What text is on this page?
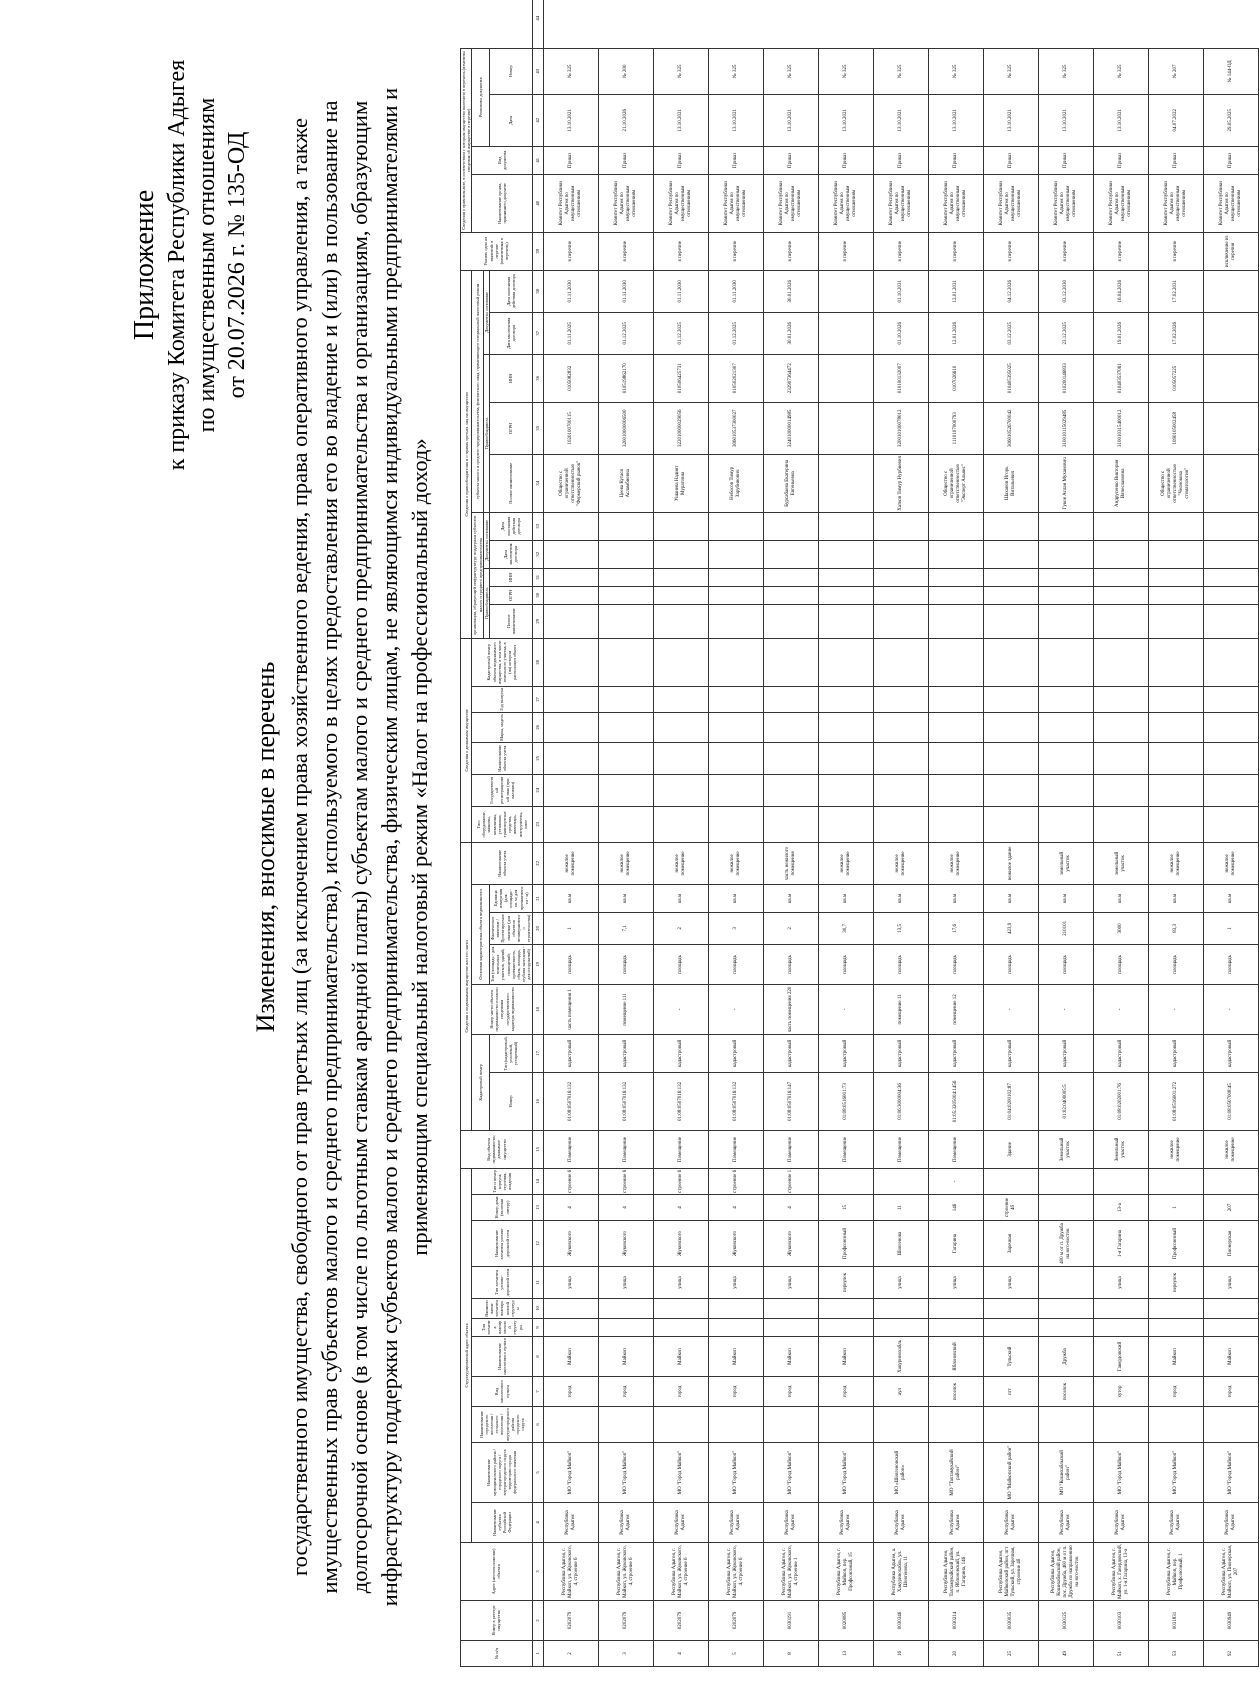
Приложение к приказу Комитета Республики Адыгея по имущественным отношениям от 20.07.2026 г. № 135-ОД
Изменения, вносимые в перечень государственного имущества, свободного от прав третьих лиц (за исключением права хозяйственного ведения, права оперативного управления, а также имущественных прав субъектов малого и среднего предпринимательства), используемого в целях предоставления его во владение и (или) в пользование на долгосрочной основе (в том числе по льготным ставкам арендной платы) субъектам малого и среднего предпринимательства и организациям, образующим инфраструктуру поддержки субъектов малого и среднего предпринимательства, физическим лицам, не являющимся индивидуальными предпринимателями и применяющим специальный налоговый режим «Налог на профессиональный доход»
№ п/п	Номер в реестре имущества	Адрес (местоположение) объекта	Структурированный адрес объекта											Вид объекта недвижимости; движимое имущество	Сведения о недвижимом имуществе или его части							Сведения о движимом имуществе						Сведения о правообладателях и о правах третьих лиц на имущество										Указать одно из значений: в перечне (изменениях в перечень)	Сведения о правовом акте, в соответствии с которым имущество включено в перечень (изменены сведения об имуществе в перечне)				
			Наименование субъекта Российской Федерации	Наименование муниципального района / городского округа / внутригородского округа территории города федерального значения	Наименование городского поселения / сельского поселения / внутригородского района городского округа	Вид населенного пункта	Наименование населенного пункта	Тип элемента планировочной структуры	Наименование элемента планировочной структуры	Тип элемента улично-дорожной сети	Наименование элемента улично-дорожной сети	Номер дома (включая литеру)	Тип и номер корпуса, строения, владения		Кадастровый номер		Номер части объекта недвижимости согласно сведениям государственного кадастра недвижимости	Основная характеристика объекта недвижимости			Наименование объекта учета	Тип: оборудование, машины, механизмы, установки, транспортные средства, инвентарь, инструменты, иное	Государственный регистрационный знак (при наличии)	Наименование объекта учета	Марка, модель	Год выпуска	Кадастровый номер объекта недвижимого имущества, в том числе земельного участка, в (на) котором расположен объект	организации, образующей инфраструктуру поддержки субъектов малого и среднего предпринимательства					субъекта малого и среднего предпринимательства, физического лица, применяющего специальный налоговый режим						Наименование органа, принявшего документ	Вид документа	Реквизиты документа		
																												Правообладатель			Документы основание		Правообладатель			Документы основание							
															Номер	Тип (кадастровый, условный, устаревший)		Тип (площадь - для земельных участков, зданий, помещений; протяженность, объем, площадь, глубина залегания - для сооружений)	Фактическое значение / Проектируемое значение (для объектов незавершенного строительства)	Единица измерения (для площади - кв. м; для протяженности - м)								Полное наименование	ОГРН	ИНН	Дата заключения договора	Дата окончания действия договора	Полное наименование	ОГРН	ИНН	Дата заключения договора	Дата окончания действия договора				Дата	Номер	
1	2	3	4	5	6	7	8	9	10	11	12	13	14	15	16	17	18	19	20	21	22	23	24	25	26	27	28	29	30	31	32	33	34	35	36	37	38	39	40	41	42	43	44
2	0202079	Республика Адыгея, г. Майкоп, ул. Жуковского, 4, строение 6	Республика Адыгея	МО "Город Майкоп"		город	Майкоп			улица	Жуковского	4	строение 6	Помещение	01:08:0507016:132	кадастровый	часть помещения 1	площадь	1	кв.м	нежилое помещение												Общество с ограниченной ответственностью "Фермерский рынок"	1020100700115	0105082832	01.11.2025	01.11.2030	в перечне	Комитет Республики Адыгея по имущественным отношениям	Приказ	13.10.2021	№ 325	
3	0202079	Республика Адыгея, г. Майкоп, ул. Жуковского, 4, строение 6	Республика Адыгея	МО "Город Майкоп"		город	Майкоп			улица	Жуковского	4	строение 6	Помещение	01:08:0507016:132	кадастровый	помещение 111	площадь	7,1	кв.м	нежилое помещение												Цеева Кутася Асламбиевна	320010000006500	010519862170	01.12.2025	01.11.2030	в перечне	Комитет Республики Адыгея по имущественным отношениям	Приказ	21.10.2026	№ 200	
4	0202079	Республика Адыгея, г. Майкоп, ул. Жуковского, 4, строение 6	Республика Адыгея	МО "Город Майкоп"		город	Майкоп			улица	Жуковского	4	строение 6	Помещение	01:08:0507016:132	кадастровый	-	площадь	2	кв.м	нежилое помещение												Ушанева Надият Муратовна	322010000029056	010506425731	01.12.2025	01.11.2030	в перечне	Комитет Республики Адыгея по имущественным отношениям	Приказ	13.10.2021	№ 325	
5	0202079	Республика Адыгея, г. Майкоп, ул. Жуковского, 4, строение 6	Республика Адыгея	МО "Город Майкоп"		город	Майкоп			улица	Жуковского	4	строение 6	Помещение	01:08:0507016:132	кадастровый	-	площадь	3	кв.м	нежилое помещение												Небосов Тимур Зарубинович	306010537300027	010502021307	01.12.2025	01.11.2030	в перечне	Комитет Республики Адыгея по имущественным отношениям	Приказ	13.10.2021	№ 325	
8	0030191	Республика Адыгея, г. Майкоп, ул. Жуковского, 4, строение 1	Республика Адыгея	МО "Город Майкоп"		город	Майкоп			улица	Жуковского	4	строение 1	Помещение	01:08:0507016:147	кадастровый	часть помещения 220	площадь	2	кв.м	часть нежилого помещения												Бурсабаева Екатерина Евгеньевна	324010000014985	232907364472	30.01.2026	30.01.2026	в перечне	Комитет Республики Адыгея по имущественным отношениям	Приказ	13.10.2021	№ 325	
13	0020085	Республика Адыгея, г. Майкоп, пер. Профсоюзный, 15	Республика Адыгея	МО "Город Майкоп"		город	Майкоп			переулок	Профсоюзный	15		Помещение	01:08:0516001:73	кадастровый	-	площадь	30,7	кв.м	нежилое помещение																	в перечне	Комитет Республики Адыгея по имущественным отношениям	Приказ	13.10.2021	№ 325	
16	0030346	Республика Адыгея, а. Хакуринохабль, ул. Шовгенова, 11	Республика Адыгея	МО «Шовгеновский район»		аул	Хакуринохабль			улица	Шовгенова	11		Помещение	01:06:3000004:36	кадастровый	помещение 11	площадь	13,5	кв.м	нежилое помещение												Хатков Тимур Нурбиевич	320010100078012	010100132007	01.10.2026	01.10.2031	в перечне	Комитет Республики Адыгея по имущественным отношениям	Приказ	13.10.2021	№ 325	
20	0030214	Республика Адыгея, Тахтамукайский район, п. Яблоновский, ул. Гагарина, 146	Республика Адыгея	МО "Тахтамукайский район"		поселок	Яблоновский			улица	Гагарина	146	-	Помещение	01:05:3205004:1456	кадастровый	помещение 12	площадь	17,6	кв.м	нежилое помещение												Общество с ограниченной ответственностью "Эксперт Альянс"	1110107000793	0107026610	12.01.2026	12.01.2031	в перечне	Комитет Республики Адыгея по имущественным отношениям	Приказ	13.10.2021	№ 325	
25	0030035	Республика Адыгея, Майкопский район, пгт Тульский, ул. Заречная, строение 4б	Республика Адыгея	МО "Майкопский район"		пгт	Тульский			улица	Заречная	строение 4б		Здание	01:04:0200102:87	кадастровый	-	площадь	423,9	кв.м	нежилое здание												Шаханов Игорь Витальевич	306010526700042	010405395025	03.12.2025	04.12.2026	в перечне	Комитет Республики Адыгея по имущественным отношениям	Приказ	13.10.2021	№ 325	
49	0030125	Республика Адыгея, Кошехабльский район, пос. Дружба, 400 м от п. Дружба по направлению на юго-восток	Республика Адыгея	МО "Кошехабльский район"		поселок	Дружба				400 м от п. Дружба на юго-восток			Земельный участок	01:02:0400005:5	кадастровый	-	площадь	210101	кв.м	земельный участок												Гуков Аслан Муханович	310010115029485	010200146833	23.12.2025	03.12.2030	в перечне	Комитет Республики Адыгея по имущественным отношениям	Приказ	13.10.2021	№ 325	
51	0030103	Республика Адыгея, г. Майкоп, х. Гавердовский, ул. 1-я Гагарина, 13-а	Республика Адыгея	МО "Город Майкоп"		хутор	Гавердовский			улица	1-я Гагарина	13-а		Земельный участок	01:08:0202001:76	кадастровый	-	площадь	3000	кв.м	земельный участок												Андрусенко Виктория Вячеславовна	310010315400012	010403537061	19.01.2026	16.04.2026	в перечне	Комитет Республики Адыгея по имущественным отношениям	Приказ	13.10.2021	№ 325	
53	0031831	Республика Адыгея, г. Майкоп, пер. Профсоюзный, 1	Республика Адыгея	МО "Город Майкоп"		город	Майкоп			переулок	Профсоюзный	1		нежилое помещение	01:08:0516001:272	кадастровый	-	площадь	83,3	кв.м	нежилое помещение												Общество с ограниченной ответственностью "Челнокова стоматология"	1090105002458	0105057225	17.02.2026	17.02.2031	в перечне	Комитет Республики Адыгея по имущественным отношениям	Приказ	04.07.2022	№ 207	
92	0030949	Республика Адыгея, г. Майкоп, ул. Пионерская, 207	Республика Адыгея	МО "Город Майкоп"		город	Майкоп			улица	Пионерская	207		нежилое помещение	01:08:0507008:45	кадастровый	-	площадь	1	кв.м	нежилое помещение																	исключение из перечня	Комитет Республики Адыгея по имущественным отношениям	Приказ	29.05.2025	№ 144-ОД	
